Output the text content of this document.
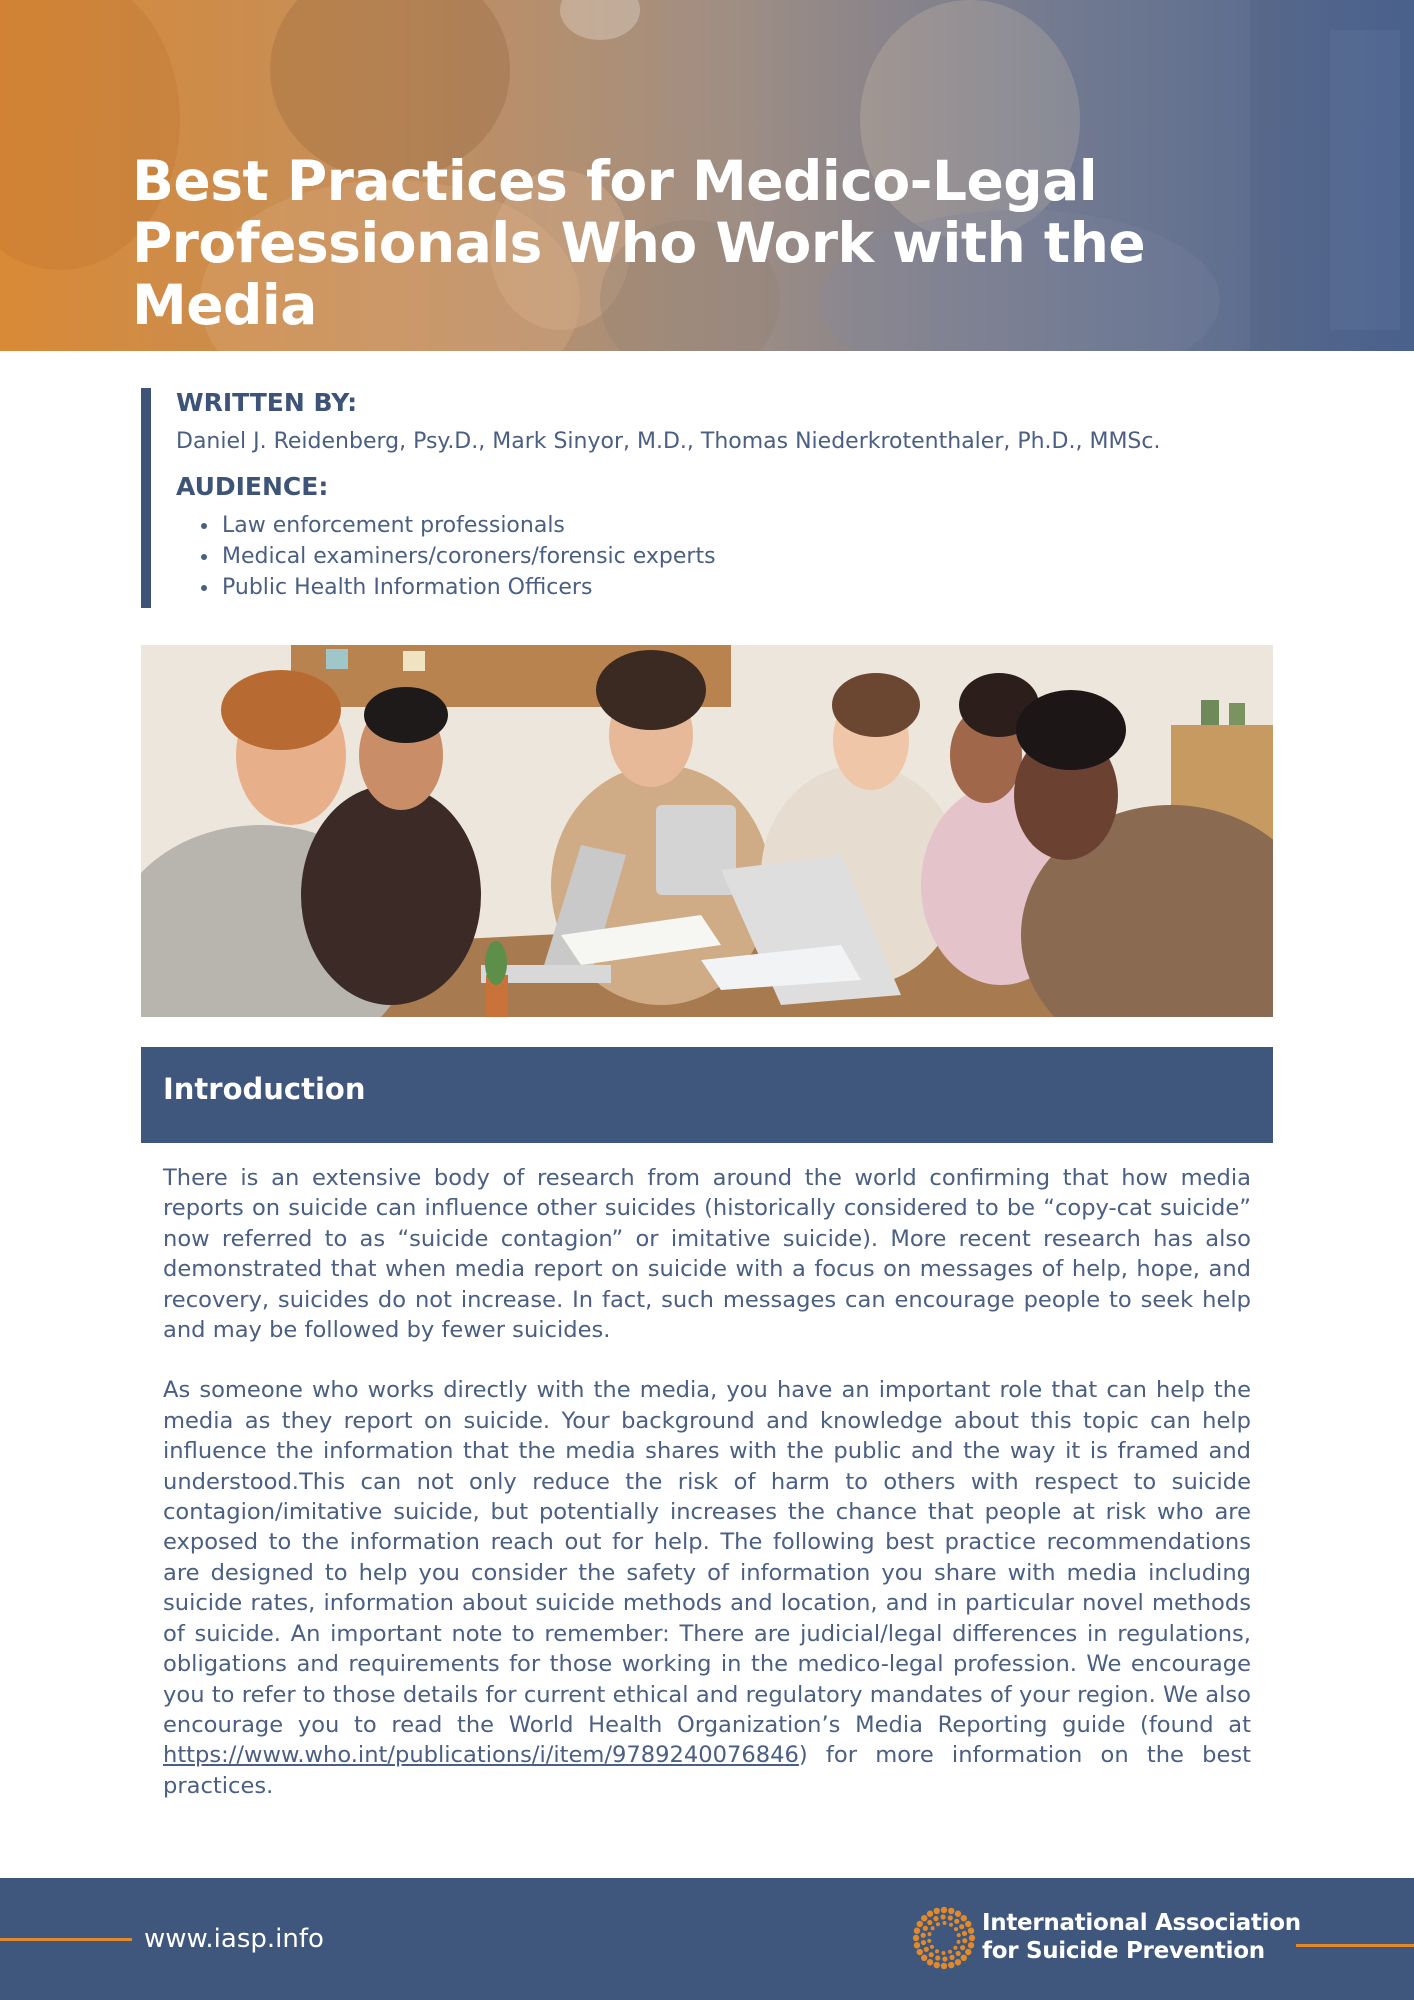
Best Practices for Medico-Legal
Professionals Who Work with the Media
WRITTEN BY:

Daniel J. Reidenberg, Psy.D., Mark Sinyor, M.D., Thomas Niederkrotenthaler, Ph.D., MMSc.

AUDIENCE:
• Law enforcement professionals
• Medical examiners/coroners/forensic experts
• Public Health Information Officers
Introduction

There is an extensive body of research from around the world confirming that how media reports on suicide can influence other suicides (historically considered to be “copy-cat suicide” now referred to as “suicide contagion” or imitative suicide). More recent research has also demonstrated that when media report on suicide with a focus on messages of help, hope, and recovery, suicides do not increase. In fact, such messages can encourage people to seek help and may be followed by fewer suicides.

As someone who works directly with the media, you have an important role that can help the media as they report on suicide. Your background and knowledge about this topic can help influence the information that the media shares with the public and the way it is framed and understood.This can not only reduce the risk of harm to others with respect to suicide contagion/imitative suicide, but potentially increases the chance that people at risk who are exposed to the information reach out for help. The following best practice recommendations are designed to help you consider the safety of information you share with media including suicide rates, information about suicide methods and location, and in particular novel methods of suicide. An important note to remember: There are judicial/legal differences in regulations, obligations and requirements for those working in the medico-legal profession. We encourage you to refer to those details for current ethical and regulatory mandates of your region. We also encourage you to read the World Health Organization’s Media Reporting guide (found at https://www.who.int/publications/i/item/9789240076846) for more information on the best practices.

www.iasp.info
International Association
for Suicide Prevention
